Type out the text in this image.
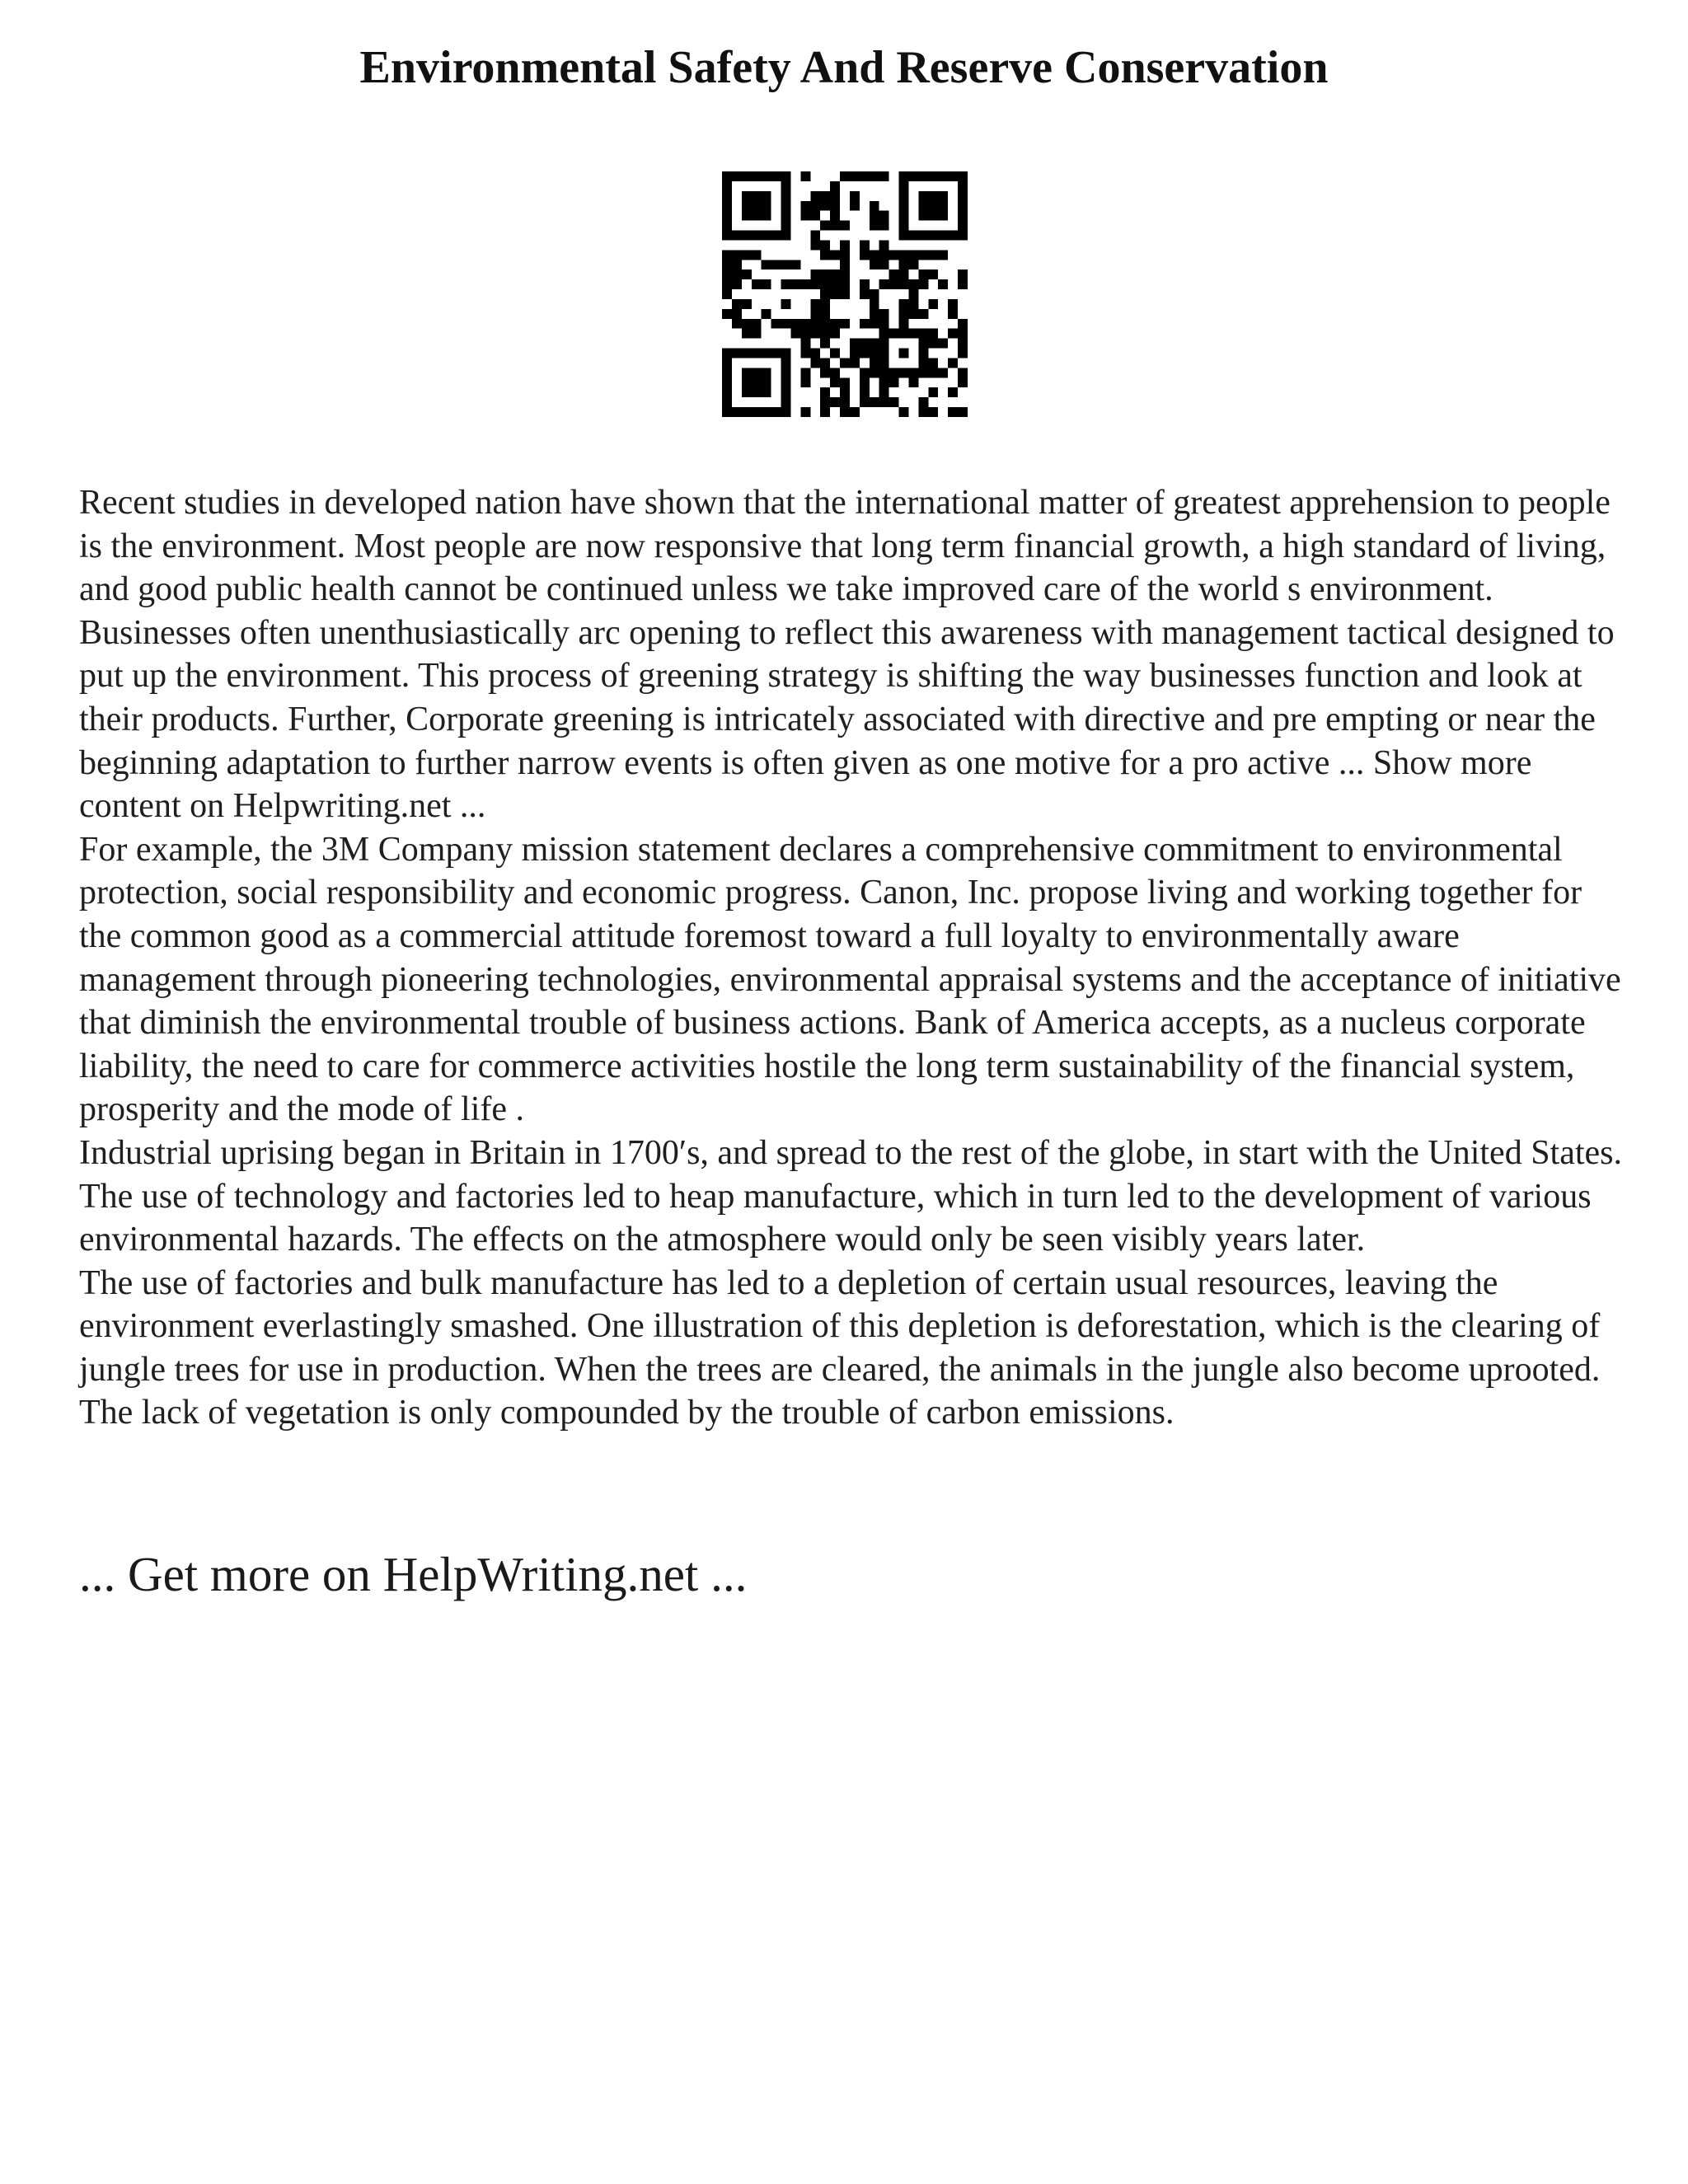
Environmental Safety And Reserve Conservation

Recent studies in developed nation have shown that the international matter of greatest apprehension to people is the environment. Most people are now responsive that long term financial growth, a high standard of living, and good public health cannot be continued unless we take improved care of the world s environment. Businesses often unenthusiastically arc opening to reflect this awareness with management tactical designed to put up the environment. This process of greening strategy is shifting the way businesses function and look at their products. Further, Corporate greening is intricately associated with directive and pre empting or near the beginning adaptation to further narrow events is often given as one motive for a pro active ... Show more content on Helpwriting.net ...

For example, the 3M Company mission statement declares a comprehensive commitment to environmental protection, social responsibility and economic progress. Canon, Inc. propose living and working together for the common good as a commercial attitude foremost toward a full loyalty to environmentally aware management through pioneering technologies, environmental appraisal systems and the acceptance of initiative that diminish the environmental trouble of business actions. Bank of America accepts, as a nucleus corporate liability, the need to care for commerce activities hostile the long term sustainability of the financial system, prosperity and the mode of life .

Industrial uprising began in Britain in 1700′s, and spread to the rest of the globe, in start with the United States. The use of technology and factories led to heap manufacture, which in turn led to the development of various environmental hazards. The effects on the atmosphere would only be seen visibly years later.

The use of factories and bulk manufacture has led to a depletion of certain usual resources, leaving the environment everlastingly smashed. One illustration of this depletion is deforestation, which is the clearing of jungle trees for use in production. When the trees are cleared, the animals in the jungle also become uprooted.

The lack of vegetation is only compounded by the trouble of carbon emissions.

... Get more on HelpWriting.net ...
